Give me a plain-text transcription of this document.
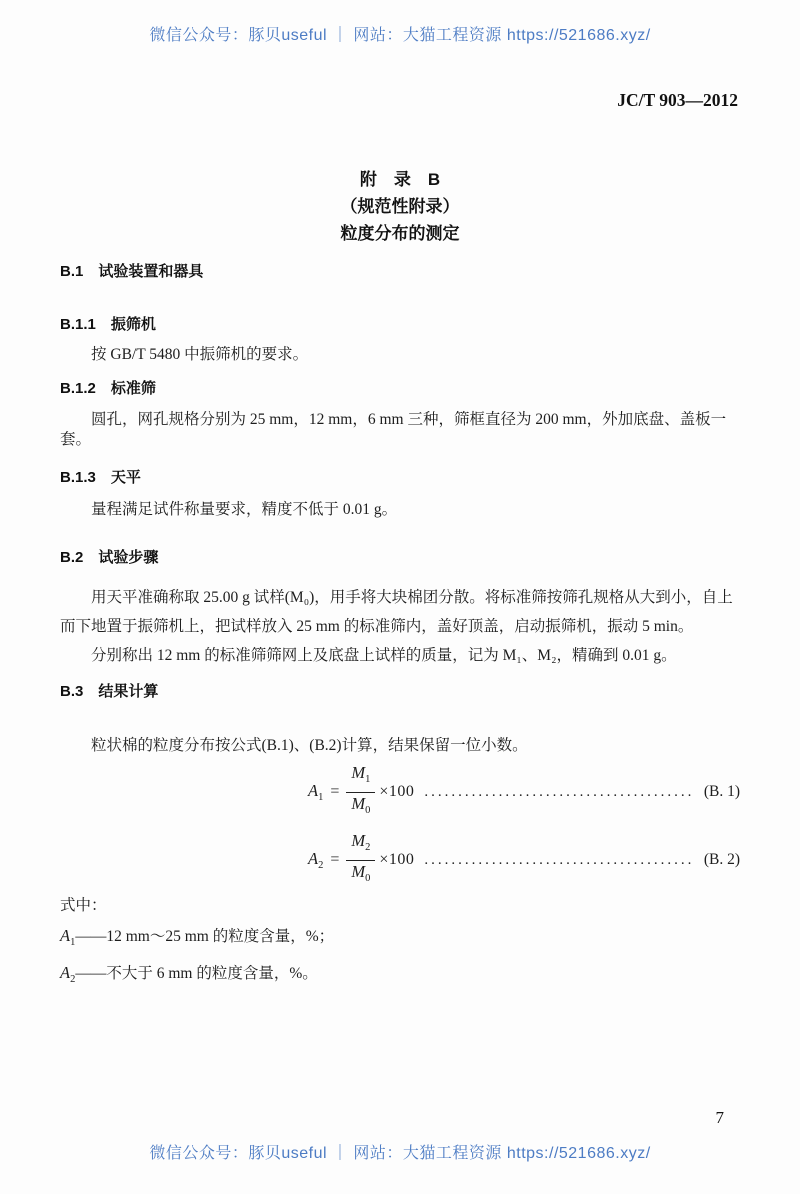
微信公众号：豚贝useful ｜ 网站：大猫工程资源 https://521686.xyz/
JC/T 903—2012
附　录　B
（规范性附录）
粒度分布的测定
B.1　试验装置和器具
B.1.1　振筛机

按 GB/T 5480 中振筛机的要求。

B.1.2　标准筛

圆孔，网孔规格分别为 25 mm，12 mm，6 mm 三种，筛框直径为 200 mm，外加底盘、盖板一套。

B.1.3　天平

量程满足试件称量要求，精度不低于 0.01 g。

B.2　试验步骤

用天平准确称取 25.00 g 试样(M₀)，用手将大块棉团分散。将标准筛按筛孔规格从大到小，自上而下地置于振筛机上，把试样放入 25 mm 的标准筛内，盖好顶盖，启动振筛机，振动 5 min。

分别称出 12 mm 的标准筛筛网上及底盘上试样的质量，记为 M₁、M₂，精确到 0.01 g。

B.3　结果计算

粒状棉的粒度分布按公式(B.1)、(B.2)计算，结果保留一位小数。

$A_1 = \frac{M_1}{M_0} \times 100$ ........................................ (B. 1)
$A_2 = \frac{M_2}{M_0} \times 100$ ........................................ (B. 2)
式中：
$A_1——12$ mm～25 mm 的粒度含量，%；
$A_2——$不大于 6 mm 的粒度含量，%。
7
微信公众号：豚贝useful ｜ 网站：大猫工程资源 https://521686.xyz/
